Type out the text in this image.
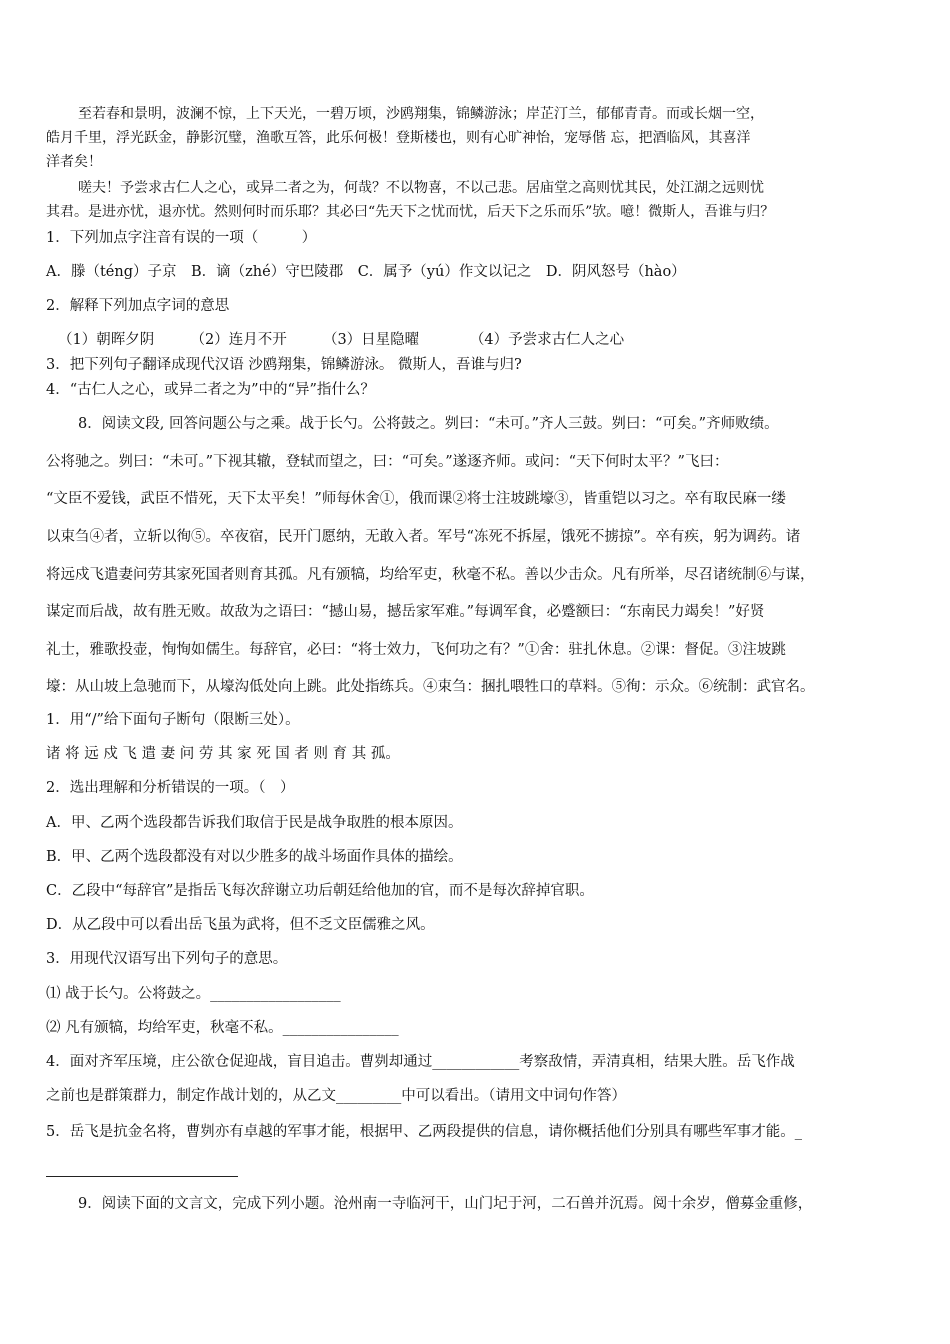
至若春和景明，波澜不惊，上下天光，一碧万顷，沙鸥翔集，锦鳞游泳；岸芷汀兰，郁郁青青。而或长烟一空，
皓月千里，浮光跃金，静影沉璧，渔歌互答，此乐何极！登斯楼也，则有心旷神怡，宠辱偕 忘，把酒临风，其喜洋
洋者矣！
嗟夫！予尝求古仁人之心，或异二者之为，何哉？不以物喜，不以己悲。居庙堂之高则忧其民，处江湖之远则忧
其君。是进亦忧，退亦忧。然则何时而乐耶？其必曰“先天下之忧而忧，后天下之乐而乐”欤。噫！微斯人，吾谁与归？
1．下列加点字注音有误的一项（　　　）
A．滕（téng）子京　B．谪（zhé）守巴陵郡　C．属予（yú）作文以记之　D．阴风怒号（hào）
2．解释下列加点字词的意思
（1）朝晖夕阴　　　（2）连月不开　　　（3）日星隐曜　　　　（4）予尝求古仁人之心
3．把下列句子翻译成现代汉语 沙鸥翔集，锦鳞游泳。 微斯人，吾谁与归?
4．“古仁人之心，或异二者之为”中的“异”指什么？
8．阅读文段, 回答问题公与之乘。战于长勺。公将鼓之。刿曰：“未可。”齐人三鼓。刿曰：“可矣。”齐师败绩。
公将驰之。刿曰：“未可。”下视其辙，登轼而望之，曰：“可矣。”遂逐齐师。或问：“天下何时太平？”飞曰：
“文臣不爱钱，武臣不惜死，天下太平矣！”师每休舍①，俄而课②将士注坡跳壕③，皆重铠以习之。卒有取民麻一缕
以束刍④者，立斩以徇⑤。卒夜宿，民开门愿纳，无敢入者。军号“冻死不拆屋，饿死不掳掠”。卒有疾，躬为调药。诸
将远戍飞遣妻问劳其家死国者则育其孤。凡有颁犒，均给军吏，秋毫不私。善以少击众。凡有所举，尽召诸统制⑥与谋，
谋定而后战，故有胜无败。故敌为之语曰：“撼山易，撼岳家军难。”每调军食，必蹙额曰：“东南民力竭矣！”好贤
礼士，雅歌投壶，恂恂如儒生。每辞官，必曰：“将士效力，飞何功之有？”①舍：驻扎休息。②课：督促。③注坡跳
壕：从山坡上急驰而下，从壕沟低处向上跳。此处指练兵。④束刍：捆扎喂牲口的草料。⑤徇：示众。⑥统制：武官名。
1．用“/”给下面句子断句（限断三处）。
诸 将 远 戍 飞 遣 妻 问 劳 其 家 死 国 者 则 育 其 孤。
2．选出理解和分析错误的一项。（　）
A．甲、乙两个选段都告诉我们取信于民是战争取胜的根本原因。
B．甲、乙两个选段都没有对以少胜多的战斗场面作具体的描绘。
C．乙段中“每辞官”是指岳飞每次辞谢立功后朝廷给他加的官，而不是每次辞掉官职。
D．从乙段中可以看出岳飞虽为武将，但不乏文臣儒雅之风。
3．用现代汉语写出下列句子的意思。
⑴ 战于长勺。公将鼓之。__________________
⑵ 凡有颁犒，均给军吏，秋毫不私。________________
4．面对齐军压境，庄公欲仓促迎战，盲目追击。曹刿却通过____________考察敌情，弄清真相，结果大胜。岳飞作战
之前也是群策群力，制定作战计划的，从乙文_________中可以看出。（请用文中词句作答）
5．岳飞是抗金名将，曹刿亦有卓越的军事才能，根据甲、乙两段提供的信息，请你概括他们分别具有哪些军事才能。_
9．阅读下面的文言文，完成下列小题。沧州南一寺临河干，山门圮于河，二石兽并沉焉。阅十余岁，僧募金重修，
